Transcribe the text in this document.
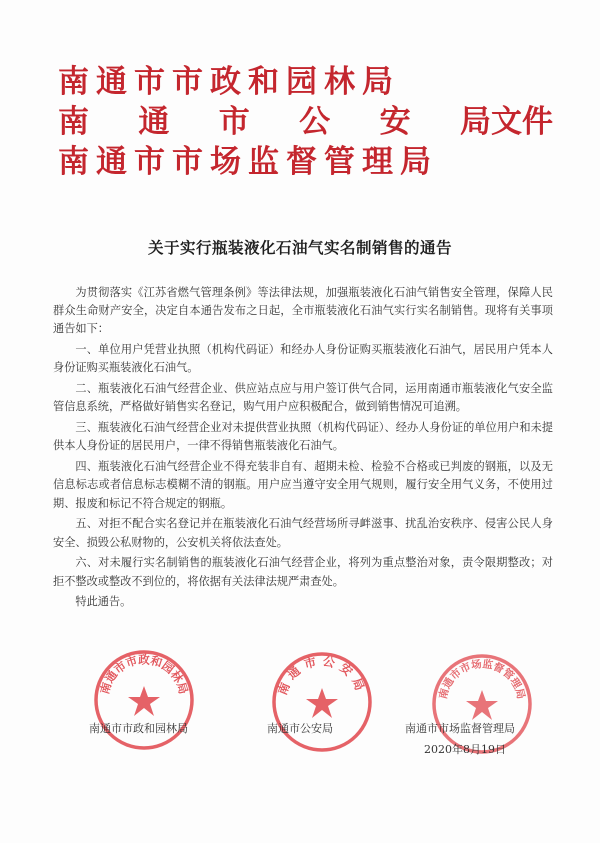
南通市市政和园林局
南 通 市 公 安 局文件
南通市市场监督管理局
关于实行瓶装液化石油气实名制销售的通告

为贯彻落实《江苏省燃气管理条例》等法律法规，加强瓶装液化石油气销售安全管理，保障人民群众生命财产安全，决定自本通告发布之日起，全市瓶装液化石油气实行实名制销售。现将有关事项通告如下：

一、单位用户凭营业执照（机构代码证）和经办人身份证购买瓶装液化石油气，居民用户凭本人身份证购买瓶装液化石油气。

二、瓶装液化石油气经营企业、供应站点应与用户签订供气合同，运用南通市瓶装液化气安全监管信息系统，严格做好销售实名登记，购气用户应积极配合，做到销售情况可追溯。

三、瓶装液化石油气经营企业对未提供营业执照（机构代码证）、经办人身份证的单位用户和未提供本人身份证的居民用户，一律不得销售瓶装液化石油气。

四、瓶装液化石油气经营企业不得充装非自有、超期未检、检验不合格或已判废的钢瓶，以及无信息标志或者信息标志模糊不清的钢瓶。用户应当遵守安全用气规则，履行安全用气义务，不使用过期、报废和标记不符合规定的钢瓶。

五、对拒不配合实名登记并在瓶装液化石油气经营场所寻衅滋事、扰乱治安秩序、侵害公民人身安全、损毁公私财物的，公安机关将依法查处。

六、对未履行实名制销售的瓶装液化石油气经营企业，将列为重点整治对象，责令限期整改；对拒不整改或整改不到位的，将依据有关法律法规严肃查处。

特此通告。

南通市市政和园林局	南通市公安局	南通市市场监督管理局
南通市市政和园林局	南通市公安局	南通市市场监督管理局
2020年8月19日
